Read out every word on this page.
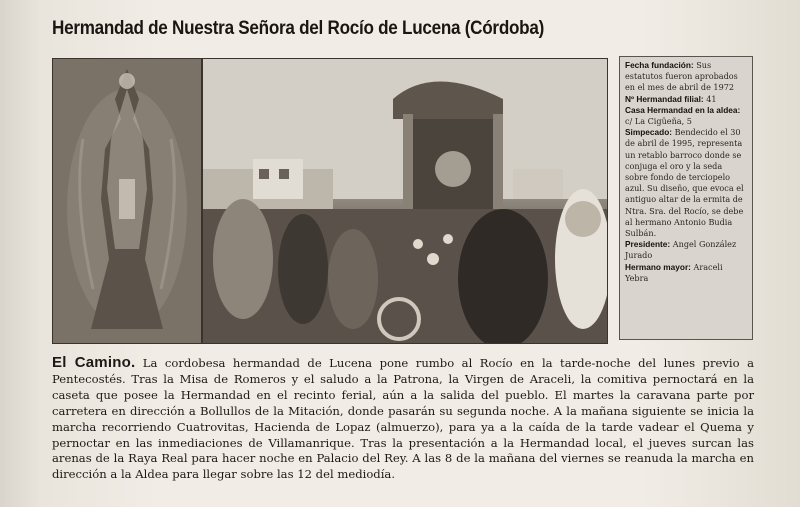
Hermandad de Nuestra Señora del Rocío de Lucena (Córdoba)
Fecha fundación: Sus estatutos fueron aprobados en el mes de abril de 1972
Nº Hermandad filial: 41
Casa Hermandad en la aldea: c/ La Cigüeña, 5
Simpecado: Bendecido el 30 de abril de 1995, representa un retablo barroco donde se conjuga el oro y la seda sobre fondo de terciopelo azul. Su diseño, que evoca el antiguo altar de la ermita de Ntra. Sra. del Rocío, se debe al hermano Antonio Budia Sulbán.
Presidente: Angel González Jurado
Hermano mayor: Araceli Yebra
El Camino. La cordobesa hermandad de Lucena pone rumbo al Rocío en la tarde-noche del lunes previo a Pentecostés. Tras la Misa de Romeros y el saludo a la Patrona, la Virgen de Araceli, la comitiva pernoctará en la caseta que posee la Hermandad en el recinto ferial, aún a la salida del pueblo. El martes la caravana parte por carretera en dirección a Bollullos de la Mitación, donde pasarán su segunda noche. A la mañana siguiente se inicia la marcha recorriendo Cuatrovitas, Hacienda de Lopaz (almuerzo), para ya a la caída de la tarde vadear el Quema y pernoctar en las inmediaciones de Villamanrique. Tras la presentación a la Hermandad local, el jueves surcan las arenas de la Raya Real para hacer noche en Palacio del Rey. A las 8 de la mañana del viernes se reanuda la marcha en dirección a la Aldea para llegar sobre las 12 del mediodía.
